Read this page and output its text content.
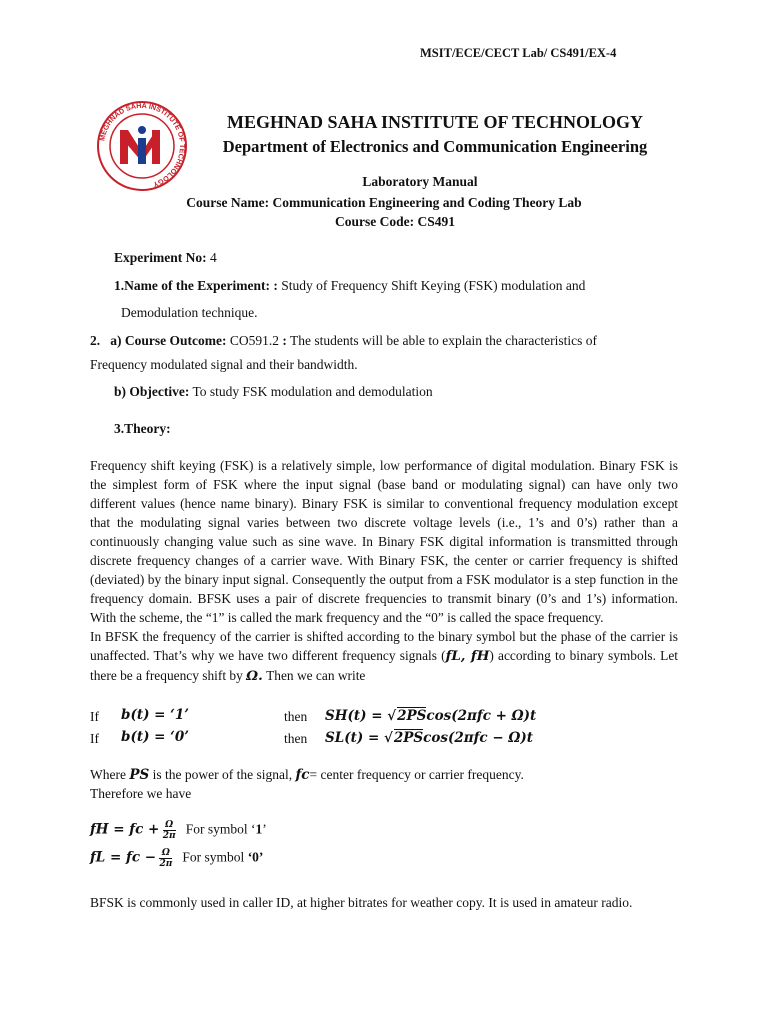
MSIT/ECE/CECT Lab/ CS491/EX-4
MEGHNAD SAHA INSTITUTE OF TECHNOLOGY
MEGHNAD SAHA INSTITUTE OF TECHNOLOGY
Department of Electronics and Communication Engineering
Laboratory Manual
Course Name: Communication Engineering and Coding Theory Lab
Course Code: CS491
Experiment No: 4
1.Name of the Experiment: : Study of Frequency Shift Keying (FSK) modulation and
Demodulation technique.
2. a) Course Outcome: CO591.2 : The students will be able to explain the characteristics of
Frequency modulated signal and their bandwidth.
b) Objective: To study FSK modulation and demodulation
3.Theory:

Frequency shift keying (FSK) is a relatively simple, low performance of digital modulation. Binary FSK is the simplest form of FSK where the input signal (base band or modulating signal) can have only two different values (hence name binary). Binary FSK is similar to conventional frequency modulation except that the modulating signal varies between two discrete voltage levels (i.e., 1’s and 0’s) rather than a continuously changing value such as sine wave. In Binary FSK digital information is transmitted through discrete frequency changes of a carrier wave. With Binary FSK, the center or carrier frequency is shifted (deviated) by the binary input signal. Consequently the output from a FSK modulator is a step function in the frequency domain. BFSK uses a pair of discrete frequencies to transmit binary (0’s and 1’s) information. With the scheme, the “1” is called the mark frequency and the “0” is called the space frequency.

In BFSK the frequency of the carrier is shifted according to the binary symbol but the phase of the carrier is unaffected. That’s why we have two different frequency signals (fL, fH) according to binary symbols. Let there be a frequency shift by Ω. Then we can write

If b(t) = ‘1’	then SH(t) = √2PScos(2πfc + Ω)t
If b(t) = ‘0’	then SL(t) = √2PScos(2πfc − Ω)t
Where PS is the power of the signal, fc= center frequency or carrier frequency.
Therefore we have
fH = fc + $\frac{\Omega}{2\pi}$ For symbol ‘1’
fL = fc − $\frac{\Omega}{2\pi}$ For symbol ‘0’
BFSK is commonly used in caller ID, at higher bitrates for weather copy. It is used in amateur radio.
